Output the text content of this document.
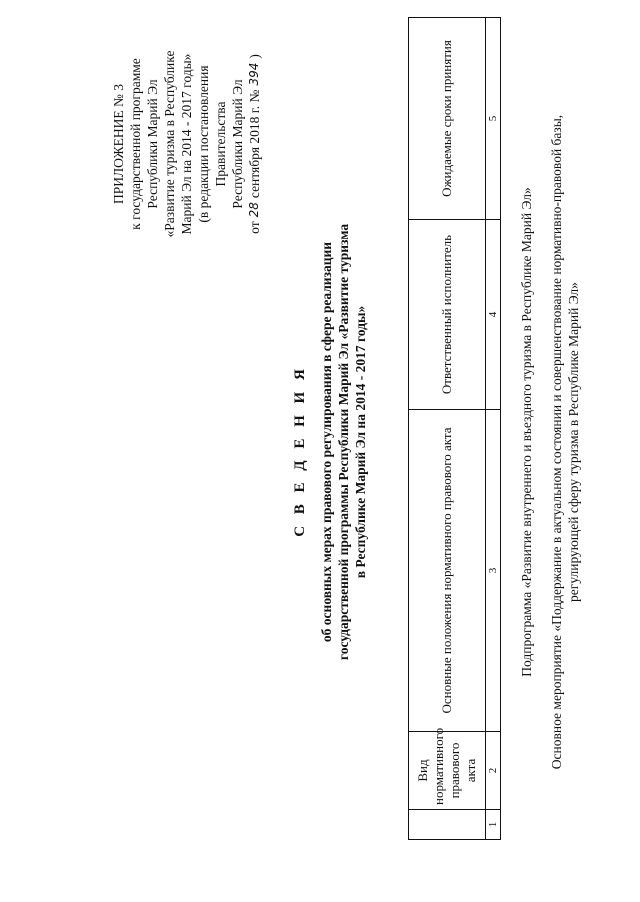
ПРИЛОЖЕНИЕ № 3 к государственной программе Республики Марий Эл «Развитие туризма в Республике Марий Эл на 2014 - 2017 годы» (в редакции постановления Правительства Республики Марий Эл
от
28
сентября 2018 г. №
394
)
С В Е Д Е Н И Я об основных мерах правового регулирования в сфере реализации государственной программы Республики Марий Эл «Развитие туризма в Республике Марий Эл на 2014 - 2017 годы»
	Вид нормативного правового акта	Основные положения нормативного правового акта	Ответственный исполнитель	Ожидаемые сроки принятия
1	2	3	4	5
Подпрограмма «Развитие внутреннего и въездного туризма в Республике Марий Эл» Основное мероприятие «Поддержание в актуальном состоянии и совершенствование нормативно-правовой базы, регулирующей сферу туризма в Республике Марий Эл»
